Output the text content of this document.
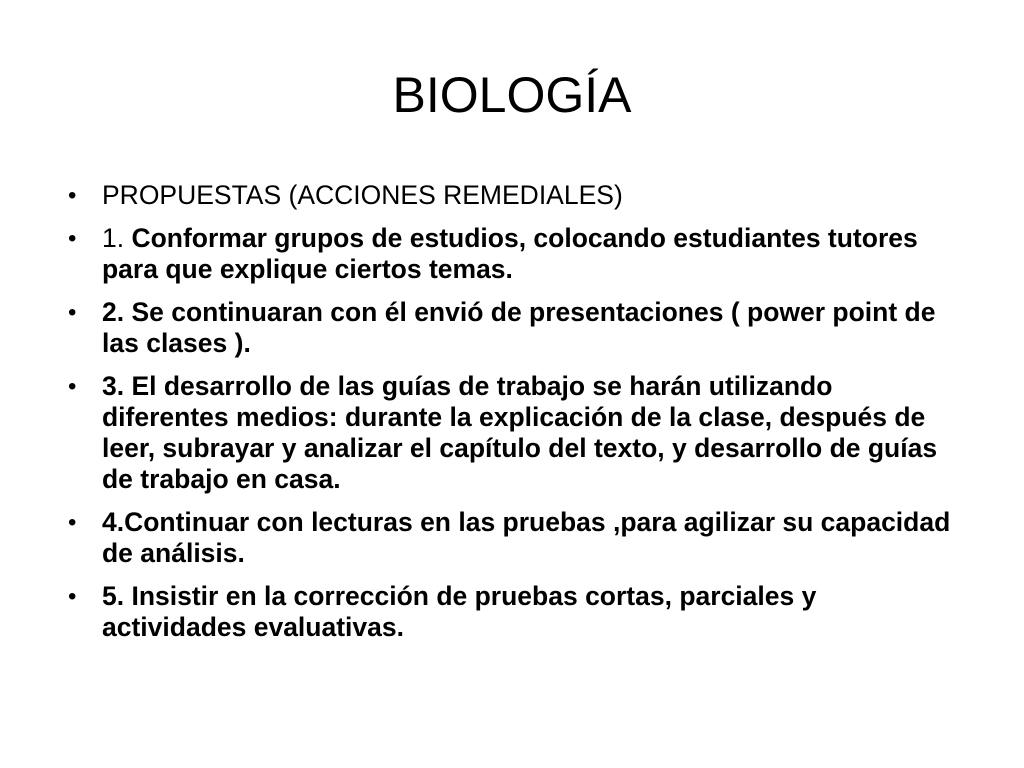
BIOLOGÍA
• PROPUESTAS (ACCIONES REMEDIALES)
• 1. Conformar grupos de estudios, colocando estudiantes tutores para que explique ciertos temas.
• 2. Se continuaran con él envió de presentaciones ( power point de las clases ).
• 3. El desarrollo de las guías de trabajo se harán utilizando diferentes medios: durante la explicación de la clase, después de leer, subrayar y analizar el capítulo del texto, y desarrollo de guías de trabajo en casa.
• 4.Continuar con lecturas en las pruebas ,para agilizar su capacidad de análisis.
• 5. Insistir en la corrección de pruebas cortas, parciales y actividades evaluativas.
